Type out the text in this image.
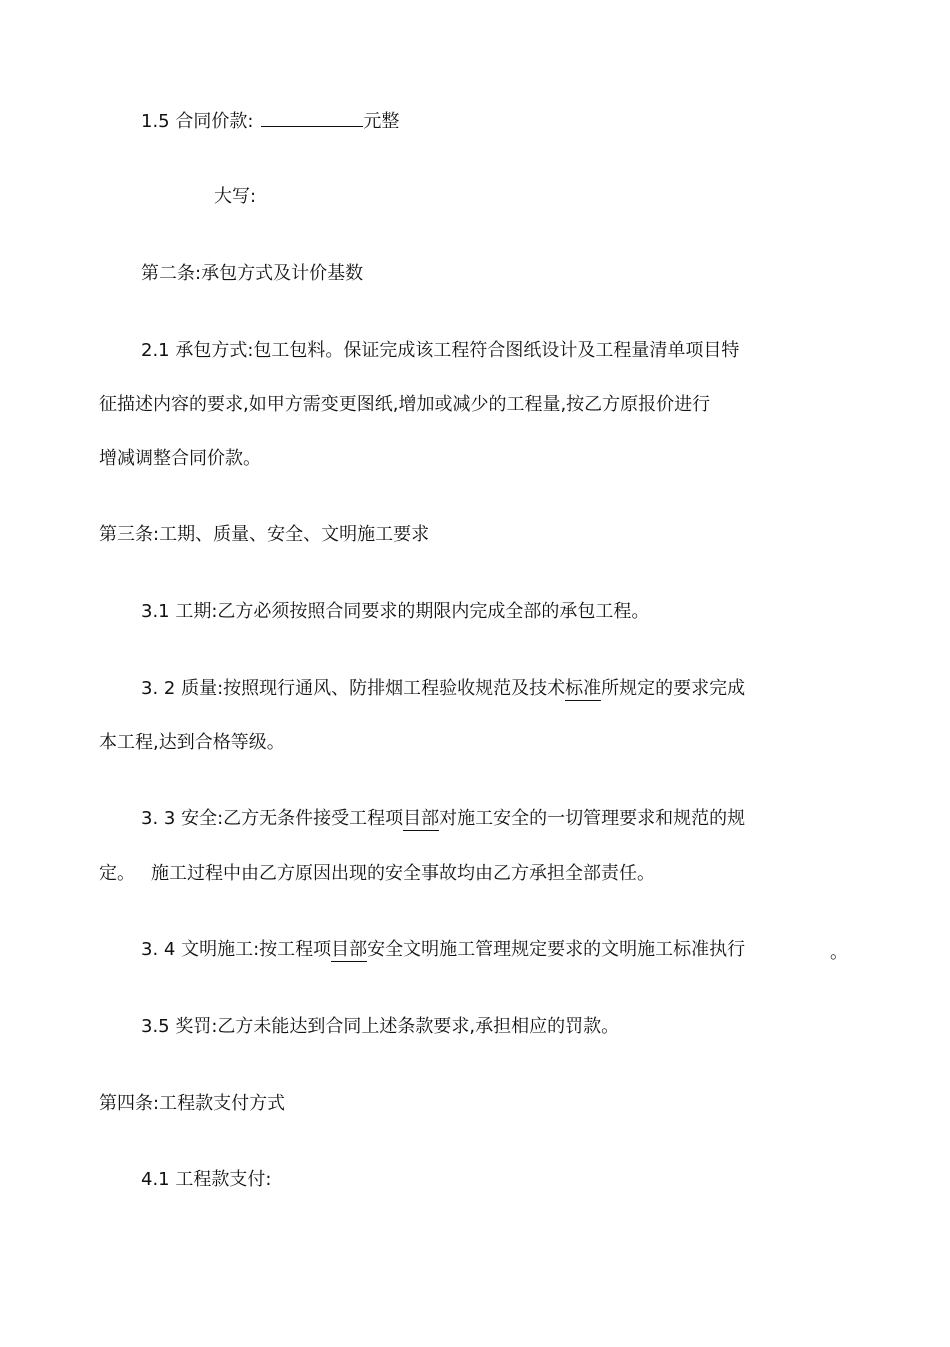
1.5 合同价款:	元整
大写:
第二条:承包方式及计价基数
2.1 承包方式:包工包料。保证完成该工程符合图纸设计及工程量清单项目特
征描述内容的要求,如甲方需变更图纸,增加或减少的工程量,按乙方原报价进行
增减调整合同价款。
第三条:工期、质量、安全、文明施工要求
3.1 工期:乙方必须按照合同要求的期限内完成全部的承包工程。
3. 2 质量:按照现行通风、防排烟工程验收规范及技术标准所规定的要求完成
本工程,达到合格等级。
3. 3 安全:乙方无条件接受工程项目部对施工安全的一切管理要求和规范的规
定。 施工过程中由乙方原因出现的安全事故均由乙方承担全部责任。
3. 4 文明施工:按工程项目部安全文明施工管理规定要求的文明施工标准执行	。
3.5 奖罚:乙方未能达到合同上述条款要求,承担相应的罚款。
第四条:工程款支付方式
4.1 工程款支付:
